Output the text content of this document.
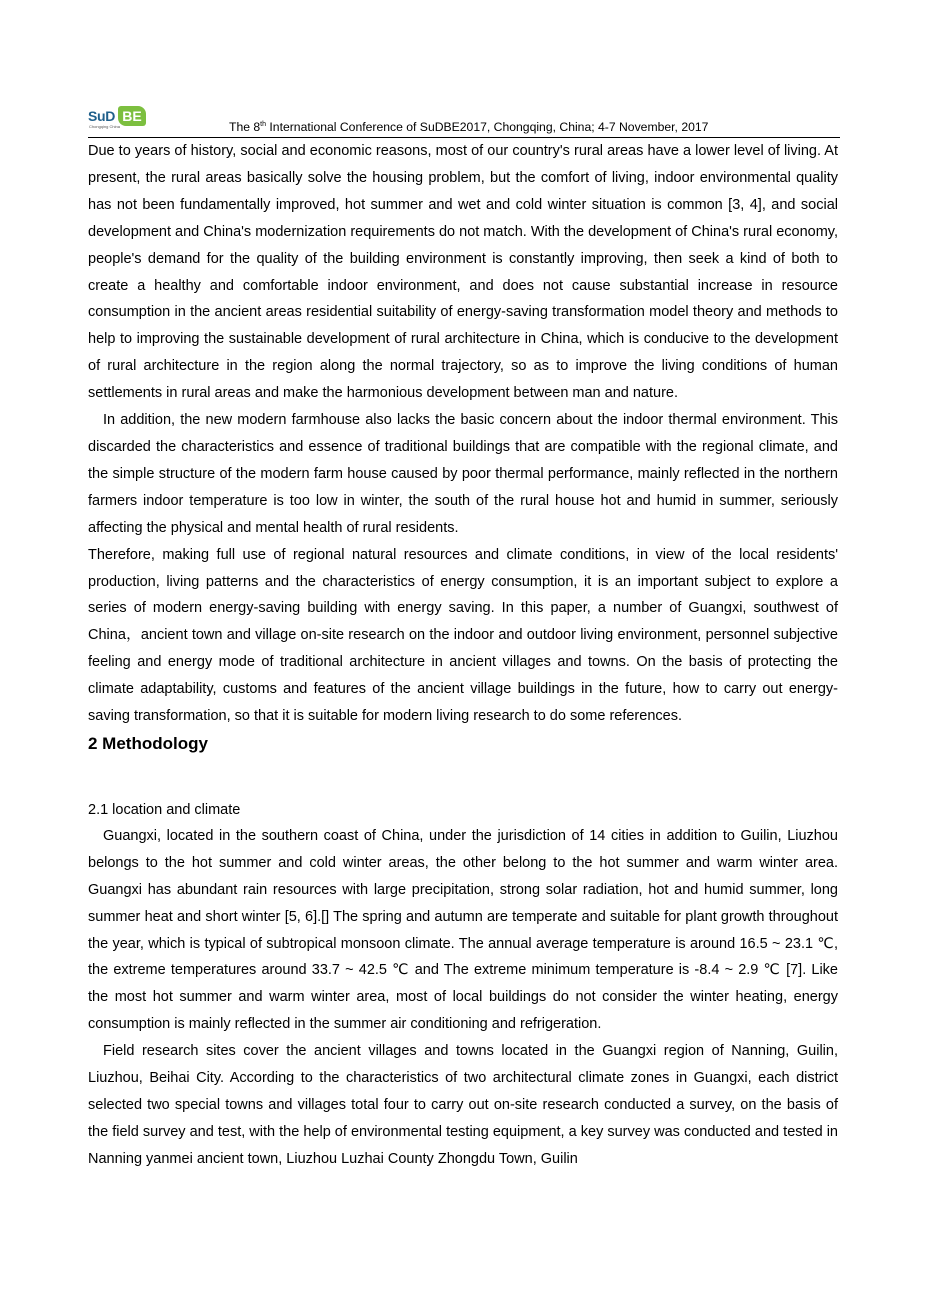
SuD BE
Chongqing China	The 8th International Conference of SuDBE2017, Chongqing, China; 4-7 November, 2017

Due to years of history, social and economic reasons, most of our country's rural areas have a lower level of living. At present, the rural areas basically solve the housing problem, but the comfort of living, indoor environmental quality has not been fundamentally improved, hot summer and wet and cold winter situation is common [3, 4], and social development and China's modernization requirements do not match. With the development of China's rural economy, people's demand for the quality of the building environment is constantly improving, then seek a kind of both to create a healthy and comfortable indoor environment, and does not cause substantial increase in resource consumption in the ancient areas residential suitability of energy-saving transformation model theory and methods to help to improving the sustainable development of rural architecture in China, which is conducive to the development of rural architecture in the region along the normal trajectory, so as to improve the living conditions of human settlements in rural areas and make the harmonious development between man and nature.

In addition, the new modern farmhouse also lacks the basic concern about the indoor thermal environment. This discarded the characteristics and essence of traditional buildings that are compatible with the regional climate, and the simple structure of the modern farm house caused by poor thermal performance, mainly reflected in the northern farmers indoor temperature is too low in winter, the south of the rural house hot and humid in summer, seriously affecting the physical and mental health of rural residents.

Therefore, making full use of regional natural resources and climate conditions, in view of the local residents' production, living patterns and the characteristics of energy consumption, it is an important subject to explore a series of modern energy-saving building with energy saving. In this paper, a number of Guangxi, southwest of China，ancient town and village on-site research on the indoor and outdoor living environment, personnel subjective feeling and energy mode of traditional architecture in ancient villages and towns. On the basis of protecting the climate adaptability, customs and features of the ancient village buildings in the future, how to carry out energy-saving transformation, so that it is suitable for modern living research to do some references.

2 Methodology

2.1 location and climate

Guangxi, located in the southern coast of China, under the jurisdiction of 14 cities in addition to Guilin, Liuzhou belongs to the hot summer and cold winter areas, the other belong to the hot summer and warm winter area. Guangxi has abundant rain resources with large precipitation, strong solar radiation, hot and humid summer, long summer heat and short winter [5, 6].[] The spring and autumn are temperate and suitable for plant growth throughout the year, which is typical of subtropical monsoon climate. The annual average temperature is around 16.5 ~ 23.1 ℃, the extreme temperatures around 33.7 ~ 42.5 ℃ and The extreme minimum temperature is -8.4 ~ 2.9 ℃ [7]. Like the most hot summer and warm winter area, most of local buildings do not consider the winter heating, energy consumption is mainly reflected in the summer air conditioning and refrigeration.

Field research sites cover the ancient villages and towns located in the Guangxi region of Nanning, Guilin, Liuzhou, Beihai City. According to the characteristics of two architectural climate zones in Guangxi, each district selected two special towns and villages total four to carry out on-site research conducted a survey, on the basis of the field survey and test, with the help of environmental testing equipment, a key survey was conducted and tested in Nanning yanmei ancient town, Liuzhou Luzhai County Zhongdu Town, Guilin
